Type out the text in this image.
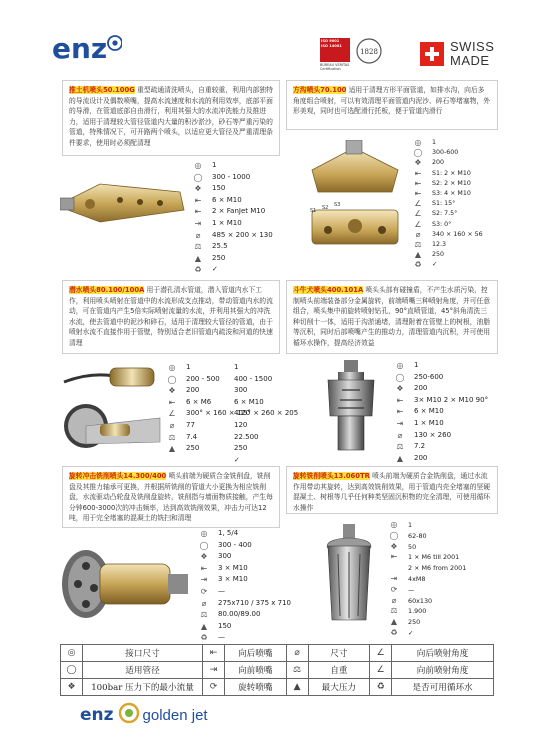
enz	ISO 9001
ISO 14001
BUREAU VERITAS
Certification
1828	SWISS
MADE
推土机喷头50.100G 重型疏通清洗喷头，自重较重，利用内部独特的导流设计及偶数喷嘴，提高水流速度和水流的利用效率，底部平面的导滑，在管道底部自由滑行，利用其强大的水流冲洗能力及推进力，适用于清理较大管径管道内大量的积沙淤沙，砂石等严重污染的管道，特殊情况下，可开路两个喷头，以适应更大管径及严重清理条件要求，使用时必须配清理
◎	1
◯	300 - 1000
❖	150
⇤	6 × M10
⇤	2 × FanJet M10
⇥	1 × M10
⌀	485 × 200 × 130
⚖	25.5
▲	250
♻	✓
方沟喷头70.100 适用于清理方形平面管道，如排水沟，向后多角度组合喷射，可以有效清理平面管道内泥沙、碎石等堵塞物，外形美观，同时也可选配滑行托板，便于管道内滑行
S1 S2 S3
◎	1
◯	300-600
❖	200
⇤	S1: 2 × M10
⇤	S2: 2 × M10
⇤	S3: 4 × M10
∠	S1: 15°
∠	S2: 7.5°
∠	S3: 0°
⌀	340 × 160 × 56
⚖	12.3
▲	250
♻	✓
潜水喷头80.100/100A 用于潜孔清水管道，潜入管道内水下工作，利用喷头喷射在管道中的水流形成支点推动，带动管道内水的流动，可在管道内产生5倍实际喷射流量的水流，并利用其强大的冲洗水流，使去管道中的泥沙和碎石，适用于清理较大管径的管道，由于喷射水流不直接作用于管壁，特别适合老旧管道内疏浚和河道的快速清理
◎	1
◯	200 - 500
❖	200
⇤	6 × M6
∠	300° × 160 × 120
⌀	77
⚖	7.4
▲	250
1
400 - 1500
300
6 × M10
405° × 260 × 205
120
22.500
250
✓
斗牛犬喷头400.101A 喷头头部有碰撞盾，不产生水质污染，控制喷头前端装备部分金属旋转，前端喷嘴三种喷射角度，并可任意组合，喷头集中前旋转喷射钻孔，90°直喷管道，45°斜角清洗三种切削十一体，适用于沟淤通堵，清理附着在管壁上的树根，油脂等沉积，同时后部喷嘴产生的推动力，清理管道内沉积，并可使用循环水操作，提高经济效益
◎	1
◯	250-600
❖	200
⇤	3× M10 2 × M10 90°
⇤	6 × M10
⇥	1 × M10
⌀	130 × 260
⚖	7.2
▲	200
旋转冲击铣削喷头14.300/400 喷头前端为硬质合金铣削盘，铣削盘及其推力轴承可更换，并根据所铣削的管道大小更换为相应铣削盘，水流驱动凸轮盘及铣削盘旋转，铣削指与墙面物质接触，产生每分钟600-3000次的冲击频率，达到高效铣削效果，冲击力可达12吨，用于完全堵塞的混凝土的铣扫和清理
◎	1, 5/4
◯	300 - 400
❖	300
⇤	3 × M10
⇥	3 × M10
⟳	—
⌀	275x710 / 375 x 710
⚖	80.00/89.00
▲	150
♻	—
旋转铣削喷头13.060TR 喷头前端为硬质合金铣削盘，通过水流作用带动其旋转，达到高效铣削效果，用于管道内壳全堵塞的坚硬混凝土、树根等几乎任何种类坚固沉积物的完全清理，可使用循环水操作
◎	1
◯	62-80
❖	50
⇤	1 × M6 till 2001
2 × M6 from 2001
⇥	4xM8
⟳	—
⌀	60x130
⚖	1.900
▲	250
♻	✓
◎	接口尺寸	⇤	向后喷嘴	⌀	尺寸	∠	向后喷射角度
◯	适用管径	⇥	向前喷嘴	⚖	自重	∠	向前喷射角度
❖	100bar 压力下的最小流量	⟳	旋转喷嘴	▲	最大压力	♻	是否可用循环水
enz golden jet
